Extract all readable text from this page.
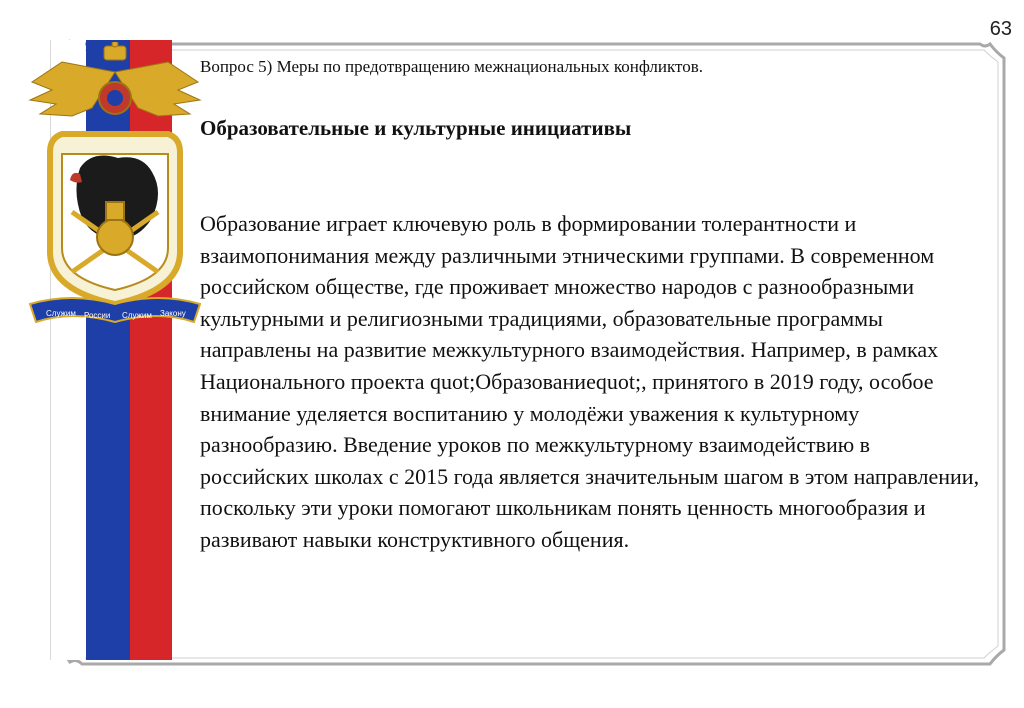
63
Служим России Служим Закону
Вопрос 5) Меры по предотвращению межнациональных конфликтов.
Образовательные и культурные инициативы
Образование играет ключевую роль в формировании толерантности и взаимопонимания между различными этническими группами. В современном российском обществе, где проживает множество народов с разнообразными культурными и религиозными традициями, образовательные программы направлены на развитие межкультурного взаимодействия. Например, в рамках Национального проекта quot;Образованиеquot;, принятого в 2019 году, особое внимание уделяется воспитанию у молодёжи уважения к культурному разнообразию. Введение уроков по межкультурному взаимодействию в российских школах с 2015 года является значительным шагом в этом направлении, поскольку эти уроки помогают школьникам понять ценность многообразия и развивают навыки конструктивного общения.
